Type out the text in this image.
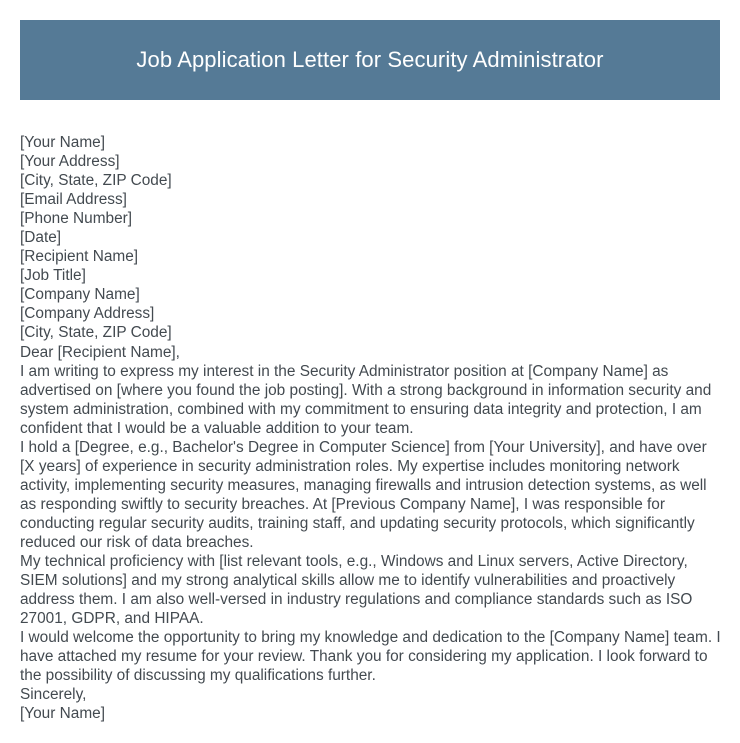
Job Application Letter for Security Administrator
[Your Name]
[Your Address]
[City, State, ZIP Code]
[Email Address]
[Phone Number]
[Date]
[Recipient Name]
[Job Title]
[Company Name]
[Company Address]
[City, State, ZIP Code]
Dear [Recipient Name],

I am writing to express my interest in the Security Administrator position at [Company Name] as advertised on [where you found the job posting]. With a strong background in information security and system administration, combined with my commitment to ensuring data integrity and protection, I am confident that I would be a valuable addition to your team.

I hold a [Degree, e.g., Bachelor's Degree in Computer Science] from [Your University], and have over [X years] of experience in security administration roles. My expertise includes monitoring network activity, implementing security measures, managing firewalls and intrusion detection systems, as well as responding swiftly to security breaches. At [Previous Company Name], I was responsible for conducting regular security audits, training staff, and updating security protocols, which significantly reduced our risk of data breaches.

My technical proficiency with [list relevant tools, e.g., Windows and Linux servers, Active Directory, SIEM solutions] and my strong analytical skills allow me to identify vulnerabilities and proactively address them. I am also well-versed in industry regulations and compliance standards such as ISO 27001, GDPR, and HIPAA.

I would welcome the opportunity to bring my knowledge and dedication to the [Company Name] team. I have attached my resume for your review. Thank you for considering my application. I look forward to the possibility of discussing my qualifications further.

Sincerely,
[Your Name]
